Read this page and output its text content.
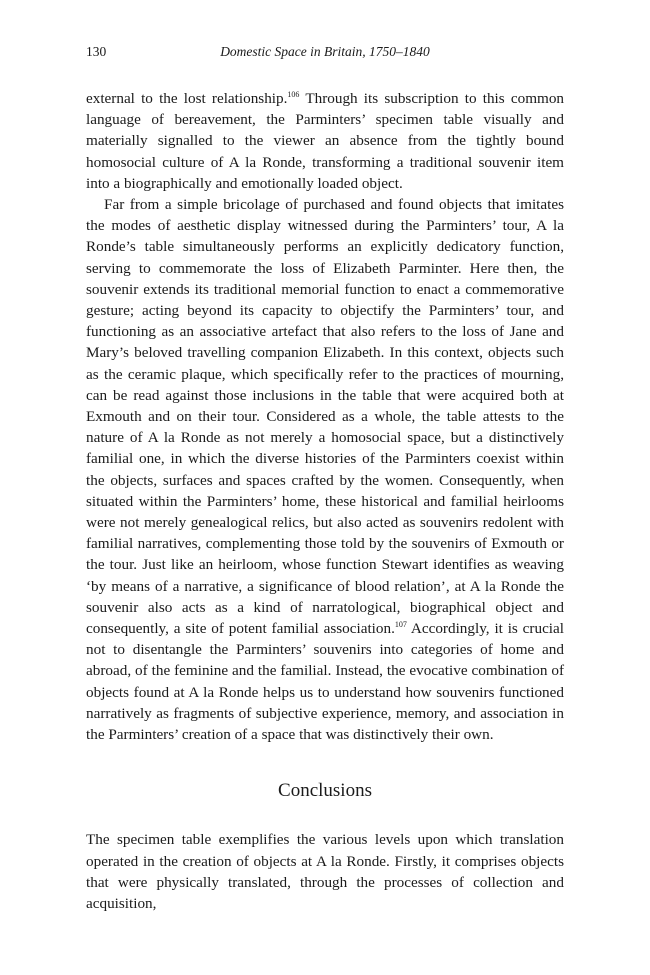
130	Domestic Space in Britain, 1750–1840

external to the lost relationship.$^{106}$ Through its subscription to this common language of bereavement, the Parminters’ specimen table visually and materially signalled to the viewer an absence from the tightly bound homosocial culture of A la Ronde, transforming a traditional souvenir item into a biographically and emotionally loaded object.

Far from a simple bricolage of purchased and found objects that imitates the modes of aesthetic display witnessed during the Parminters’ tour, A la Ronde’s table simultaneously performs an explicitly dedicatory function, serving to commemorate the loss of Elizabeth Parminter. Here then, the souvenir extends its traditional memorial function to enact a commemorative gesture; acting beyond its capacity to objectify the Parminters’ tour, and functioning as an associative artefact that also refers to the loss of Jane and Mary’s beloved travelling companion Elizabeth. In this context, objects such as the ceramic plaque, which specifically refer to the practices of mourning, can be read against those inclusions in the table that were acquired both at Exmouth and on their tour. Considered as a whole, the table attests to the nature of A la Ronde as not merely a homosocial space, but a distinctively familial one, in which the diverse histories of the Parminters coexist within the objects, surfaces and spaces crafted by the women. Consequently, when situated within the Parminters’ home, these historical and familial heirlooms were not merely genealogical relics, but also acted as souvenirs redolent with familial narratives, complementing those told by the souvenirs of Exmouth or the tour. Just like an heirloom, whose function Stewart identifies as weaving ‘by means of a narrative, a significance of blood relation’, at A la Ronde the souvenir also acts as a kind of narratological, biographical object and consequently, a site of potent familial association.$^{107}$ Accordingly, it is crucial not to disentangle the Parminters’ souvenirs into categories of home and abroad, of the feminine and the familial. Instead, the evocative combination of objects found at A la Ronde helps us to understand how souvenirs functioned narratively as fragments of subjective experience, memory, and association in the Parminters’ creation of a space that was distinctively their own.

Conclusions

The specimen table exemplifies the various levels upon which translation operated in the creation of objects at A la Ronde. Firstly, it comprises objects that were physically translated, through the processes of collection and acquisition,
